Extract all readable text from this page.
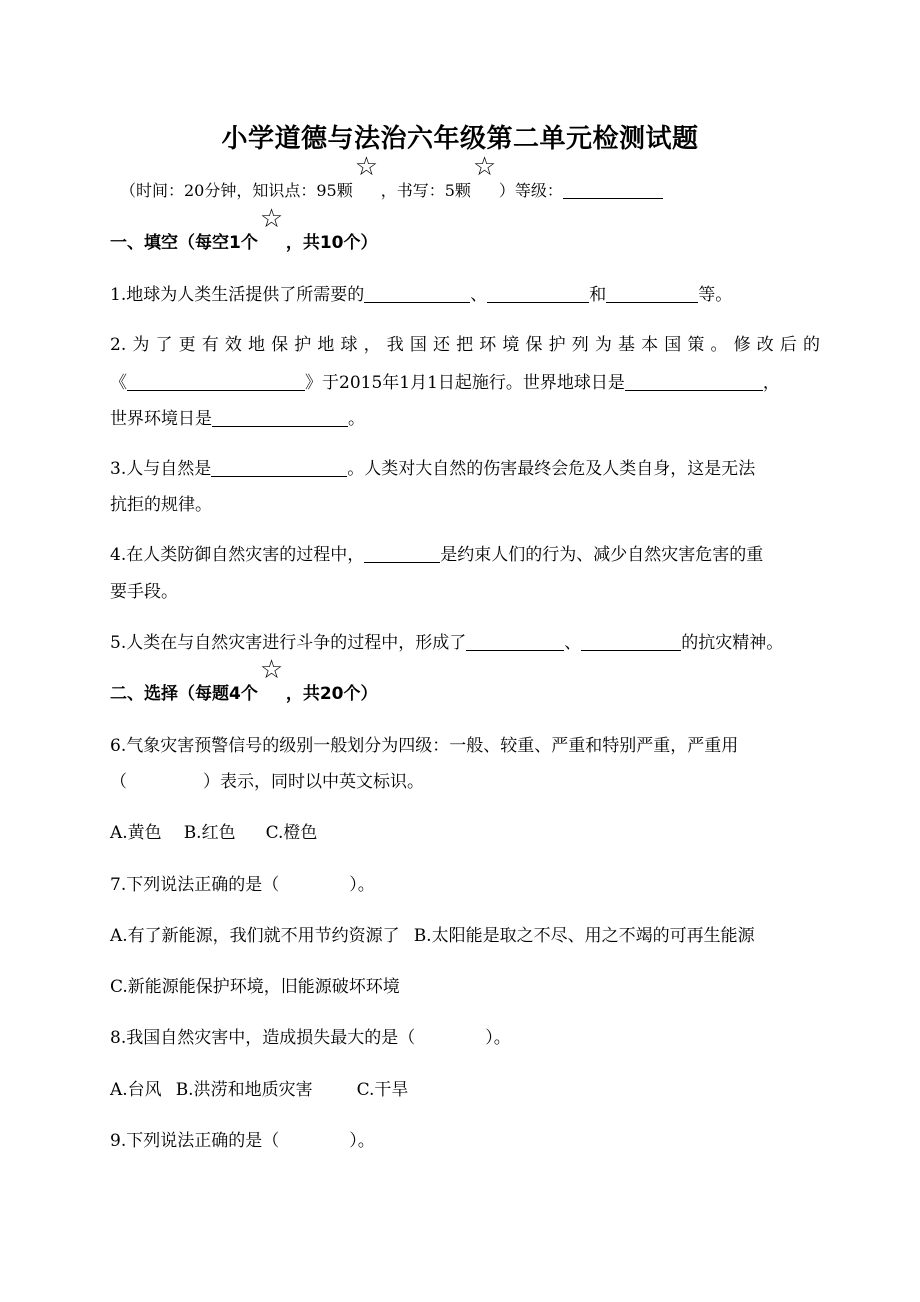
小学道德与法治六年级第二单元检测试题
（时间：20分钟，知识点：95颗
☆
，书写：5颗
☆
）等级：
一、填空（每空1个
☆
，共10个）
1.地球为人类生活提供了所需要的	、	和	等。
2.为了更有效地保护地球，我国还把环境保护列为基本国策。修改后的
《	》于2015年1月1日起施行。世界地球日是	，
世界环境日是	。
3.人与自然是	。人类对大自然的伤害最终会危及人类自身，这是无法
抗拒的规律。
4.在人类防御自然灾害的过程中，	是约束人们的行为、减少自然灾害危害的重
要手段。
5.人类在与自然灾害进行斗争的过程中，形成了	、	的抗灾精神。
二、选择（每题4个
☆
，共20个）
6.气象灾害预警信号的级别一般划分为四级：一般、较重、严重和特别严重，严重用
（	）表示，同时以中英文标识。
A.黄色 B.红色 C.橙色
7.下列说法正确的是（	）。
A.有了新能源，我们就不用节约资源了 B.太阳能是取之不尽、用之不竭的可再生能源
C.新能源能保护环境，旧能源破坏环境
8.我国自然灾害中，造成损失最大的是（	）。
A.台风 B.洪涝和地质灾害	C.干旱
9.下列说法正确的是（	）。
